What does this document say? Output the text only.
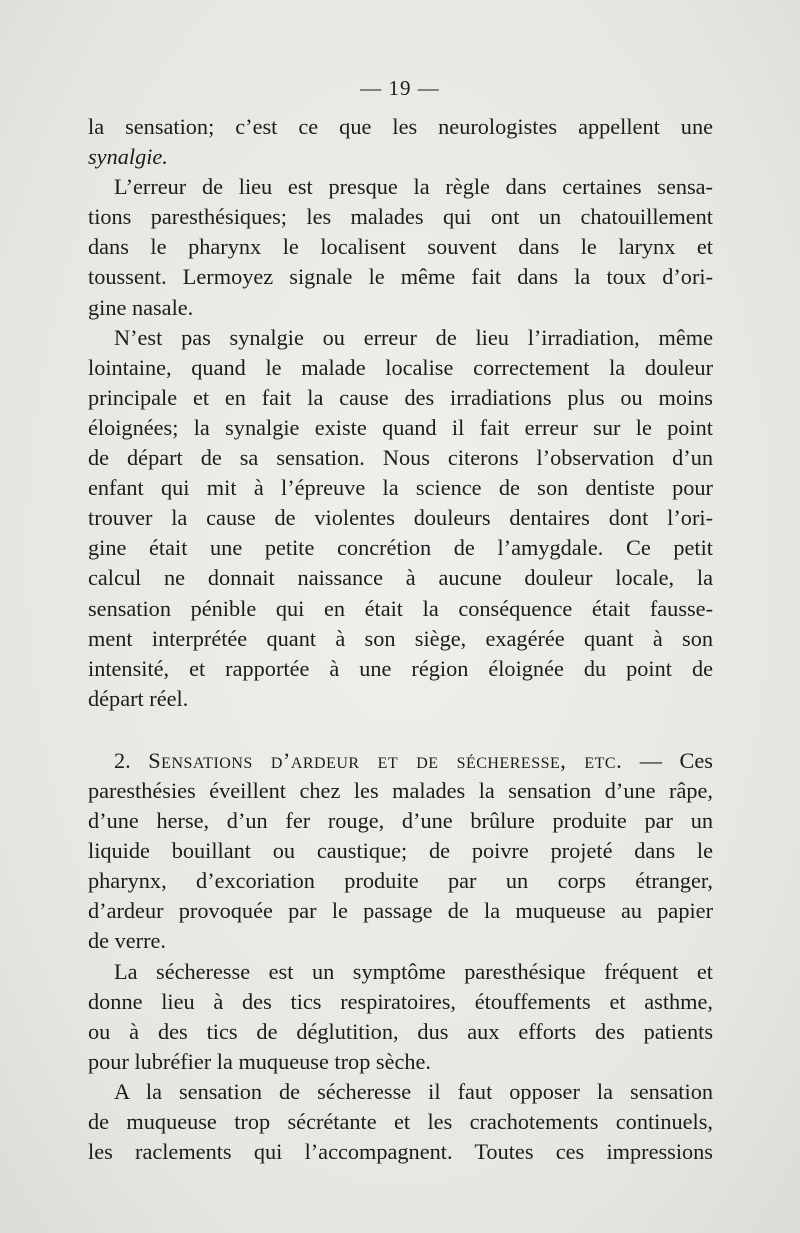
— 19 —
la sensation; c’est ce que les neurologistes appellent une
synalgie.
L’erreur de lieu est presque la règle dans certaines sensa-
tions paresthésiques; les malades qui ont un chatouillement
dans le pharynx le localisent souvent dans le larynx et
toussent. Lermoyez signale le même fait dans la toux d’ori-
gine nasale.
N’est pas synalgie ou erreur de lieu l’irradiation, même
lointaine, quand le malade localise correctement la douleur
principale et en fait la cause des irradiations plus ou moins
éloignées; la synalgie existe quand il fait erreur sur le point
de départ de sa sensation. Nous citerons l’observation d’un
enfant qui mit à l’épreuve la science de son dentiste pour
trouver la cause de violentes douleurs dentaires dont l’ori-
gine était une petite concrétion de l’amygdale. Ce petit
calcul ne donnait naissance à aucune douleur locale, la
sensation pénible qui en était la conséquence était fausse-
ment interprétée quant à son siège, exagérée quant à son
intensité, et rapportée à une région éloignée du point de
départ réel.
2. Sensations d’ardeur et de sécheresse, etc. — Ces
paresthésies éveillent chez les malades la sensation d’une râpe,
d’une herse, d’un fer rouge, d’une brûlure produite par un
liquide bouillant ou caustique; de poivre projeté dans le
pharynx, d’excoriation produite par un corps étranger,
d’ardeur provoquée par le passage de la muqueuse au papier
de verre.
La sécheresse est un symptôme paresthésique fréquent et
donne lieu à des tics respiratoires, étouffements et asthme,
ou à des tics de déglutition, dus aux efforts des patients
pour lubréfier la muqueuse trop sèche.
A la sensation de sécheresse il faut opposer la sensation
de muqueuse trop sécrétante et les crachotements continuels,
les raclements qui l’accompagnent. Toutes ces impressions
